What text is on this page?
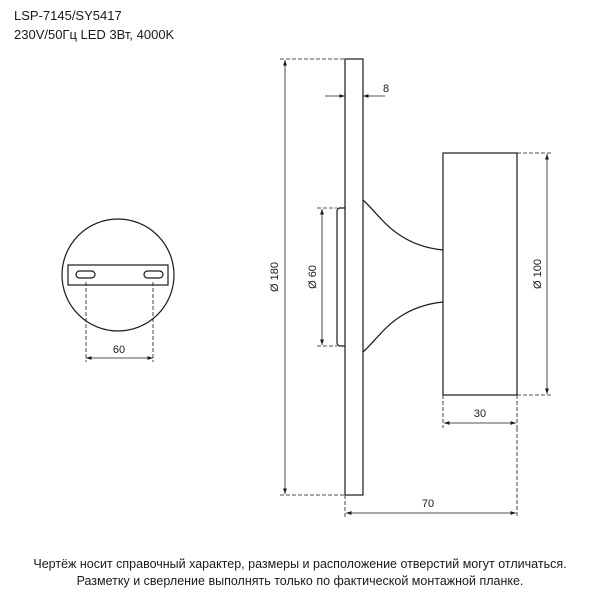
LSP-7145/SY5417
230V/50Гц LED 3Вт, 4000K
60
Ø 180
8
Ø 60	Ø 100
30
70
Чертёж носит справочный характер, размеры и расположение отверстий могут отличаться.
Разметку и сверление выполнять только по фактической монтажной планке.
